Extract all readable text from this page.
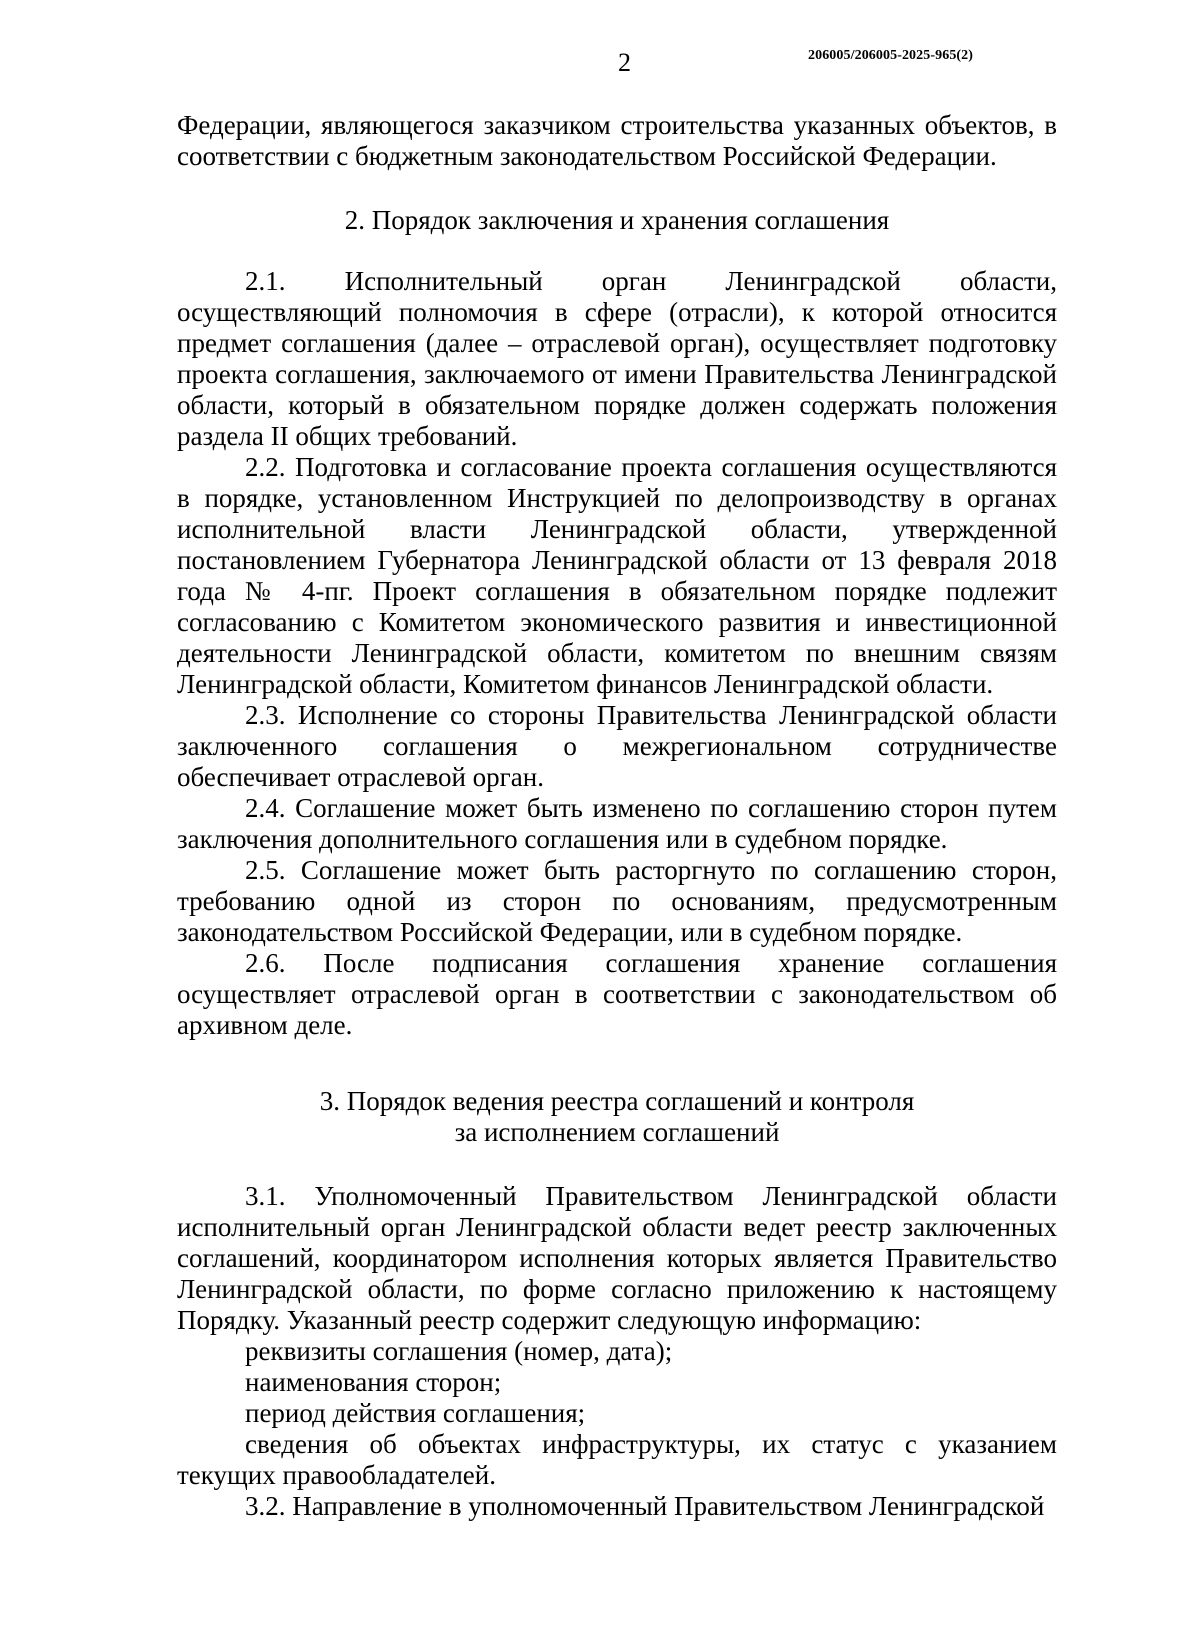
2	206005/206005-2025-965(2)

Федерации, являющегося заказчиком строительства указанных объектов, в соответствии с бюджетным законодательством Российской Федерации.

2. Порядок заключения и хранения соглашения

2.1. Исполнительный орган Ленинградской области, осуществляющий полномочия в сфере (отрасли), к которой относится предмет соглашения (далее – отраслевой орган), осуществляет подготовку проекта соглашения, заключаемого от имени Правительства Ленинградской области, который в обязательном порядке должен содержать положения раздела II общих требований.

2.2. Подготовка и согласование проекта соглашения осуществляются в порядке, установленном Инструкцией по делопроизводству в органах исполнительной власти Ленинградской области, утвержденной постановлением Губернатора Ленинградской области от 13 февраля 2018 года № 4-пг. Проект соглашения в обязательном порядке подлежит согласованию с Комитетом экономического развития и инвестиционной деятельности Ленинградской области, комитетом по внешним связям Ленинградской области, Комитетом финансов Ленинградской области.

2.3. Исполнение со стороны Правительства Ленинградской области заключенного соглашения о межрегиональном сотрудничестве обеспечивает отраслевой орган.

2.4. Соглашение может быть изменено по соглашению сторон путем заключения дополнительного соглашения или в судебном порядке.

2.5. Соглашение может быть расторгнуто по соглашению сторон, требованию одной из сторон по основаниям, предусмотренным законодательством Российской Федерации, или в судебном порядке.

2.6. После подписания соглашения хранение соглашения осуществляет отраслевой орган в соответствии с законодательством об архивном деле.

3. Порядок ведения реестра соглашений и контроля

за исполнением соглашений

3.1. Уполномоченный Правительством Ленинградской области исполнительный орган Ленинградской области ведет реестр заключенных соглашений, координатором исполнения которых является Правительство Ленинградской области, по форме согласно приложению к настоящему Порядку. Указанный реестр содержит следующую информацию:

реквизиты соглашения (номер, дата);

наименования сторон;

период действия соглашения;

сведения об объектах инфраструктуры, их статус с указанием текущих правообладателей.

3.2. Направление в уполномоченный Правительством Ленинградской
